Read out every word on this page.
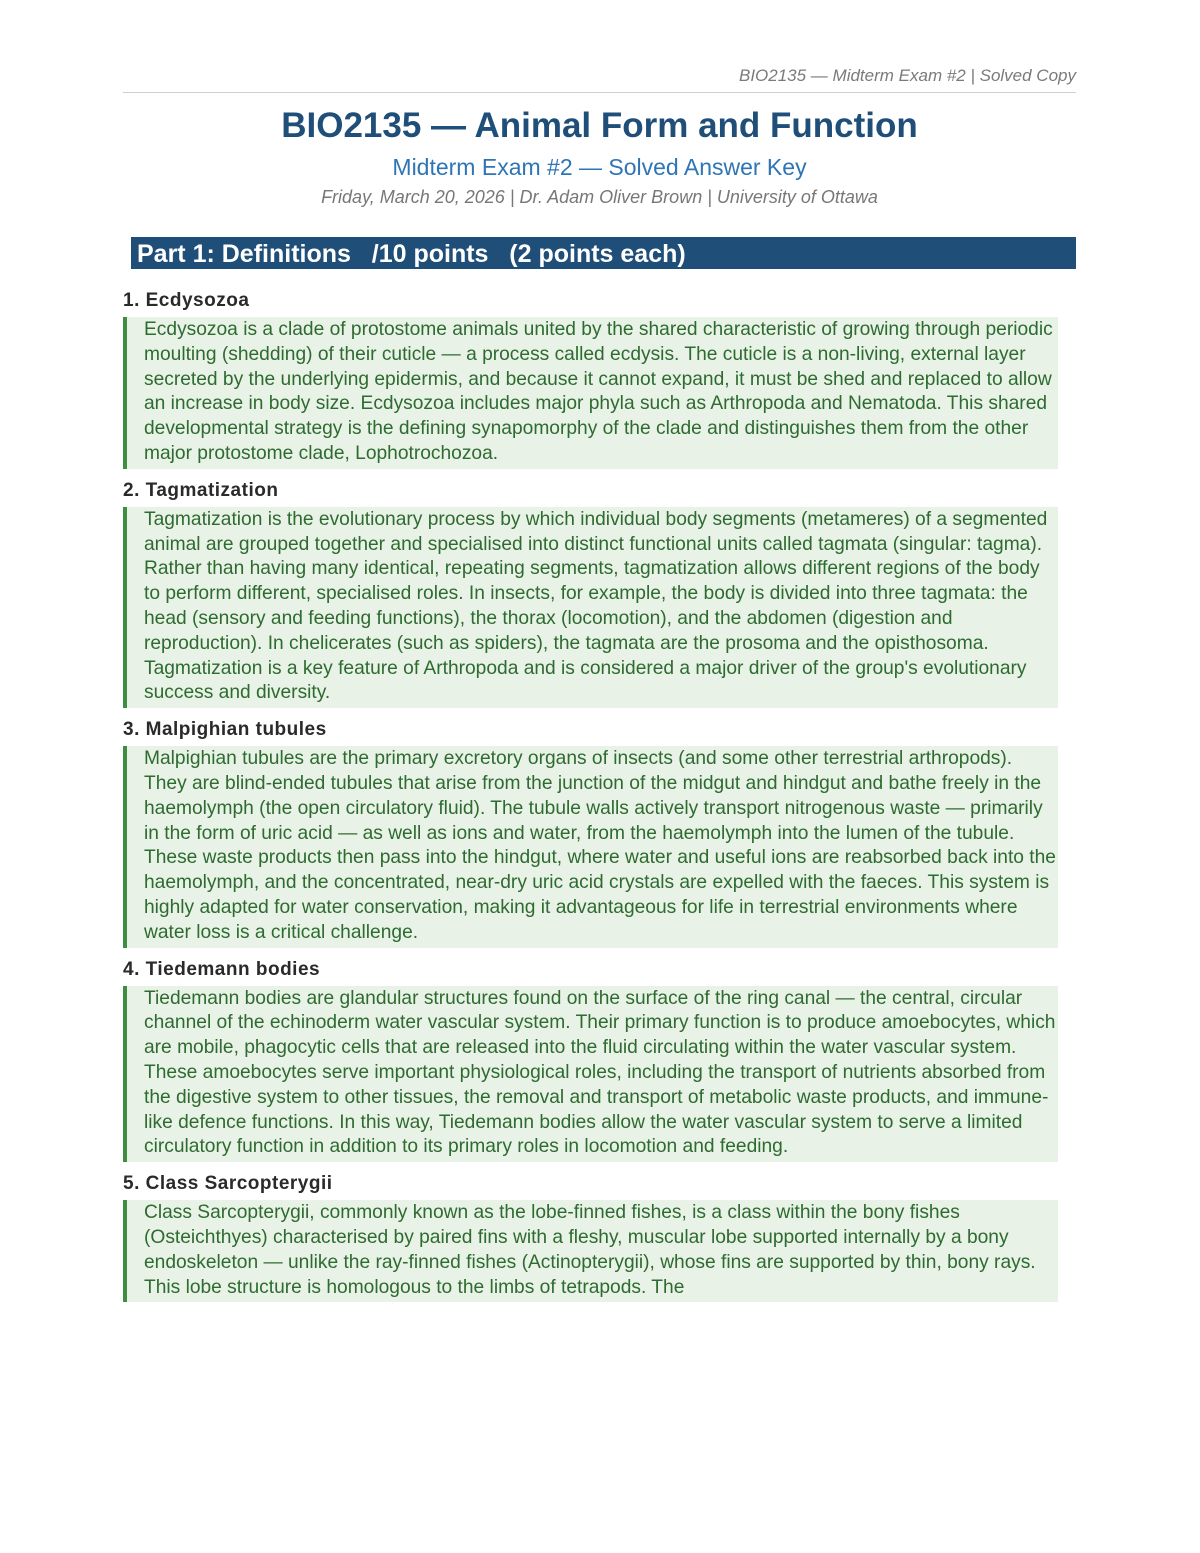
BIO2135 — Midterm Exam #2 | Solved Copy
BIO2135 — Animal Form and Function
Midterm Exam #2 — Solved Answer Key
Friday, March 20, 2026 | Dr. Adam Oliver Brown | University of Ottawa
Part 1: Definitions   /10 points   (2 points each)
1. Ecdysozoa
Ecdysozoa is a clade of protostome animals united by the shared characteristic of growing through periodic moulting (shedding) of their cuticle — a process called ecdysis. The cuticle is a non-living, external layer secreted by the underlying epidermis, and because it cannot expand, it must be shed and replaced to allow an increase in body size. Ecdysozoa includes major phyla such as Arthropoda and Nematoda. This shared developmental strategy is the defining synapomorphy of the clade and distinguishes them from the other major protostome clade, Lophotrochozoa.
2. Tagmatization
Tagmatization is the evolutionary process by which individual body segments (metameres) of a segmented animal are grouped together and specialised into distinct functional units called tagmata (singular: tagma). Rather than having many identical, repeating segments, tagmatization allows different regions of the body to perform different, specialised roles. In insects, for example, the body is divided into three tagmata: the head (sensory and feeding functions), the thorax (locomotion), and the abdomen (digestion and reproduction). In chelicerates (such as spiders), the tagmata are the prosoma and the opisthosoma. Tagmatization is a key feature of Arthropoda and is considered a major driver of the group's evolutionary success and diversity.
3. Malpighian tubules
Malpighian tubules are the primary excretory organs of insects (and some other terrestrial arthropods). They are blind-ended tubules that arise from the junction of the midgut and hindgut and bathe freely in the haemolymph (the open circulatory fluid). The tubule walls actively transport nitrogenous waste — primarily in the form of uric acid — as well as ions and water, from the haemolymph into the lumen of the tubule. These waste products then pass into the hindgut, where water and useful ions are reabsorbed back into the haemolymph, and the concentrated, near-dry uric acid crystals are expelled with the faeces. This system is highly adapted for water conservation, making it advantageous for life in terrestrial environments where water loss is a critical challenge.
4. Tiedemann bodies
Tiedemann bodies are glandular structures found on the surface of the ring canal — the central, circular channel of the echinoderm water vascular system. Their primary function is to produce amoebocytes, which are mobile, phagocytic cells that are released into the fluid circulating within the water vascular system. These amoebocytes serve important physiological roles, including the transport of nutrients absorbed from the digestive system to other tissues, the removal and transport of metabolic waste products, and immune-like defence functions. In this way, Tiedemann bodies allow the water vascular system to serve a limited circulatory function in addition to its primary roles in locomotion and feeding.
5. Class Sarcopterygii
Class Sarcopterygii, commonly known as the lobe-finned fishes, is a class within the bony fishes (Osteichthyes) characterised by paired fins with a fleshy, muscular lobe supported internally by a bony endoskeleton — unlike the ray-finned fishes (Actinopterygii), whose fins are supported by thin, bony rays. This lobe structure is homologous to the limbs of tetrapods. The
